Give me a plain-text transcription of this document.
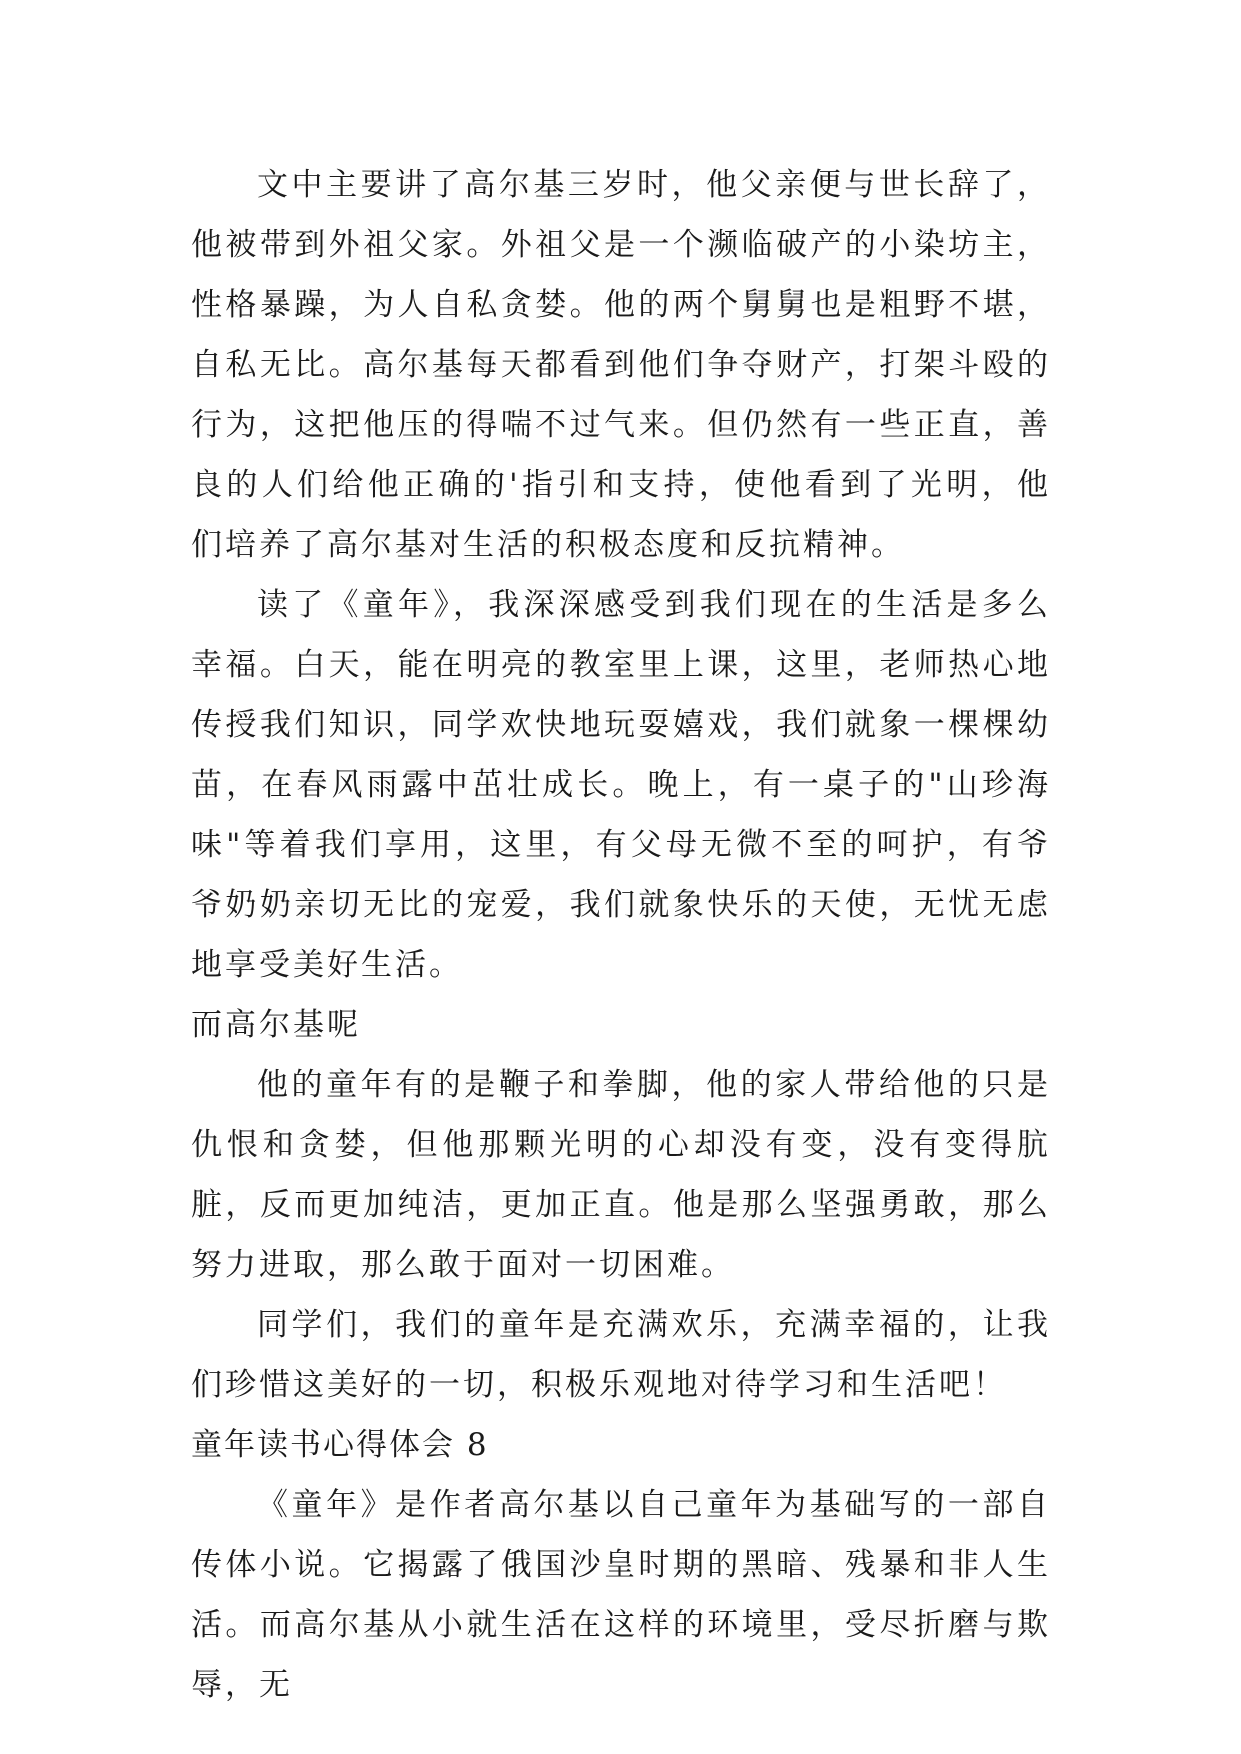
文中主要讲了高尔基三岁时，他父亲便与世长辞了，他被带到外祖父家。外祖父是一个濒临破产的小染坊主，性格暴躁，为人自私贪婪。他的两个舅舅也是粗野不堪，自私无比。高尔基每天都看到他们争夺财产，打架斗殴的行为，这把他压的得喘不过气来。但仍然有一些正直，善良的人们给他正确的'指引和支持，使他看到了光明，他们培养了高尔基对生活的积极态度和反抗精神。

读了《童年》，我深深感受到我们现在的生活是多么幸福。白天，能在明亮的教室里上课，这里，老师热心地传授我们知识，同学欢快地玩耍嬉戏，我们就象一棵棵幼苗，在春风雨露中茁壮成长。晚上，有一桌子的"山珍海味"等着我们享用，这里，有父母无微不至的呵护，有爷爷奶奶亲切无比的宠爱，我们就象快乐的天使，无忧无虑地享受美好生活。

而高尔基呢

他的童年有的是鞭子和拳脚，他的家人带给他的只是仇恨和贪婪，但他那颗光明的心却没有变，没有变得肮脏，反而更加纯洁，更加正直。他是那么坚强勇敢，那么努力进取，那么敢于面对一切困难。

同学们，我们的童年是充满欢乐，充满幸福的，让我们珍惜这美好的一切，积极乐观地对待学习和生活吧！

童年读书心得体会 8

《童年》是作者高尔基以自己童年为基础写的一部自传体小说。它揭露了俄国沙皇时期的黑暗、残暴和非人生活。而高尔基从小就生活在这样的环境里，受尽折磨与欺辱，无
